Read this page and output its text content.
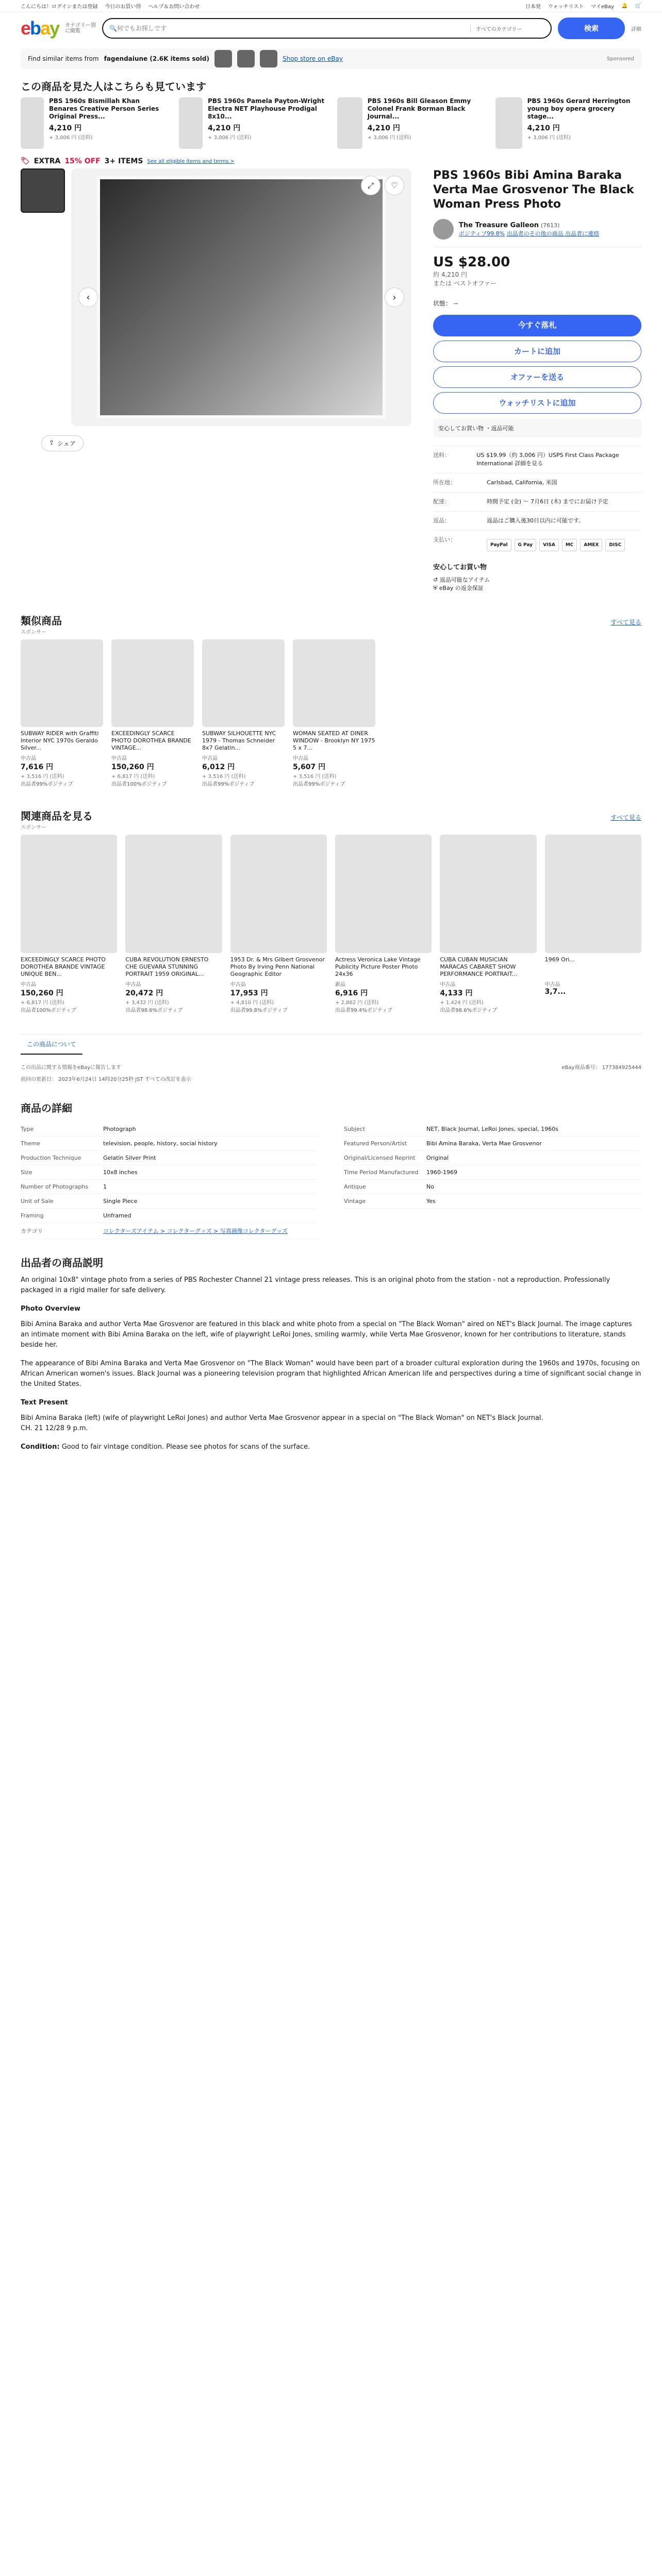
こんにちは！ログインまたは登録 今日のお買い得 ヘルプ＆お問い合わせ	日本発 ウォッチリスト マイeBay 🔔 🛒
ebay カテゴリー別に閲覧	🔍
何でもお探しです	すべてのカテゴリー	検索	詳細
Find similar items from fagendaiune (2.6K items sold)	Shop store on eBay	Sponsored
この商品を見た人はこちらも見ています
PBS 1960s Bismillah Khan Benares Creative Person Series Original Press...
4,210 円
+ 3,006 円 (送料)
PBS 1960s Pamela Payton-Wright Electra NET Playhouse Prodigal 8x10...
4,210 円
+ 3,006 円 (送料)
PBS 1960s Bill Gleason Emmy Colonel Frank Borman Black Journal...
4,210 円
+ 3,006 円 (送料)
PBS 1960s Gerard Herrington young boy opera grocery stage...
4,210 円
+ 3,006 円 (送料)
🏷 EXTRA 15% OFF 3+ ITEMS See all eligible items and terms >
‹	›
⤢	♡
⇪ シェア
PBS 1960s Bibi Amina Baraka Verta Mae Grosvenor The Black Woman Press Photo
The Treasure Galleon (7613)
ポジティブ99.8% 出品者のその他の商品 出品者に連絡
US $28.00
約 4,210 円
または ベストオファー
状態： --
今すぐ落札
カートに追加
オファーを送る
ウォッチリストに追加
安心してお買い物 ・返品可能
送料：	US $19.99（約 3,006 円）USPS First Class Package International 詳細を見る
所在地：	Carlsbad, California, 米国
配達：	時間予定 (金) ～ 7月6日 (木) までにお届け予定
返品：	返品はご購入後30日以内に可能です。
支払い：
PayPal	G Pay	VISA	MC	AMEX	DISC
安心してお買い物
↺ 返品可能なアイテム
⛨ eBay の返金保証
類似商品	すべて見る
スポンサー
SUBWAY RIDER with Graffiti Interior NYC 1970s Geraldo Silver...
中古品
7,616 円
+ 3,516 円 (送料)
出品者99%ポジティブ
EXCEEDINGLY SCARCE PHOTO DOROTHEA BRANDE VINTAGE...
中古品
150,260 円
+ 6,817 円 (送料)
出品者100%ポジティブ
SUBWAY SILHOUETTE NYC 1979 - Thomas Schneider 8x7 Gelatin...
中古品
6,012 円
+ 3,516 円 (送料)
出品者99%ポジティブ
WOMAN SEATED AT DINER WINDOW - Brooklyn NY 1975 5 x 7...
中古品
5,607 円
+ 3,516 円 (送料)
出品者99%ポジティブ
関連商品を見る	すべて見る
スポンサー
EXCEEDINGLY SCARCE PHOTO DOROTHEA BRANDE VINTAGE UNIQUE BEN...
中古品
150,260 円
+ 6,817 円 (送料)
出品者100%ポジティブ
CUBA REVOLUTION ERNESTO CHE GUEVARA STUNNING PORTRAIT 1959 ORIGINAL...
中古品
20,472 円
+ 3,432 円 (送料)
出品者98.6%ポジティブ
1953 Dr. & Mrs Gilbert Grosvenor Photo By Irving Penn National Geographic Editor
中古品
17,953 円
+ 4,810 円 (送料)
出品者99.8%ポジティブ
Actress Veronica Lake Vintage Publicity Picture Poster Photo 24x36
新品
6,916 円
+ 2,862 円 (送料)
出品者99.4%ポジティブ
CUBA CUBAN MUSICIAN MARACAS CABARET SHOW PERFORMANCE PORTRAIT...
中古品
4,133 円
+ 1,424 円 (送料)
出品者98.6%ポジティブ
1969 Ori...
中古品
3,7...
この商品について
この出品に関する情報をeBayに報告します	eBay商品番号： 177384925444
前回の更新日： 2023年6月24日 14時20分25秒 JST すべての改訂を表示
商品の詳細
Type	Photograph
Theme	television, people, history, social history
Production Technique	Gelatin Silver Print
Size	10x8 inches
Number of Photographs	1
Unit of Sale	Single Piece
Framing	Unframed
カテゴリ	コレクターズアイテム > コレクターグッズ > 写真画像コレクターグッズ
Subject	NET, Black Journal, LeRoi Jones, special, 1960s
Featured Person/Artist	Bibi Amina Baraka, Verta Mae Grosvenor
Original/Licensed Reprint	Original
Time Period Manufactured	1960-1969
Antique	No
Vintage	Yes
出品者の商品説明

An original 10x8" vintage photo from a series of PBS Rochester Channel 21 vintage press releases. This is an original photo from the station - not a reproduction. Professionally packaged in a rigid mailer for safe delivery.

Photo Overview

Bibi Amina Baraka and author Verta Mae Grosvenor are featured in this black and white photo from a special on "The Black Woman" aired on NET's Black Journal. The image captures an intimate moment with Bibi Amina Baraka on the left, wife of playwright LeRoi Jones, smiling warmly, while Verta Mae Grosvenor, known for her contributions to literature, stands beside her.

The appearance of Bibi Amina Baraka and Verta Mae Grosvenor on "The Black Woman" would have been part of a broader cultural exploration during the 1960s and 1970s, focusing on African American women's issues. Black Journal was a pioneering television program that highlighted African American life and perspectives during a time of significant social change in the United States.

Text Present

Bibi Amina Baraka (left) (wife of playwright LeRoi Jones) and author Verta Mae Grosvenor appear in a special on "The Black Woman" on NET's Black Journal.

CH. 21 12/28 9 p.m.

Condition: Good to fair vintage condition. Please see photos for scans of the surface.
